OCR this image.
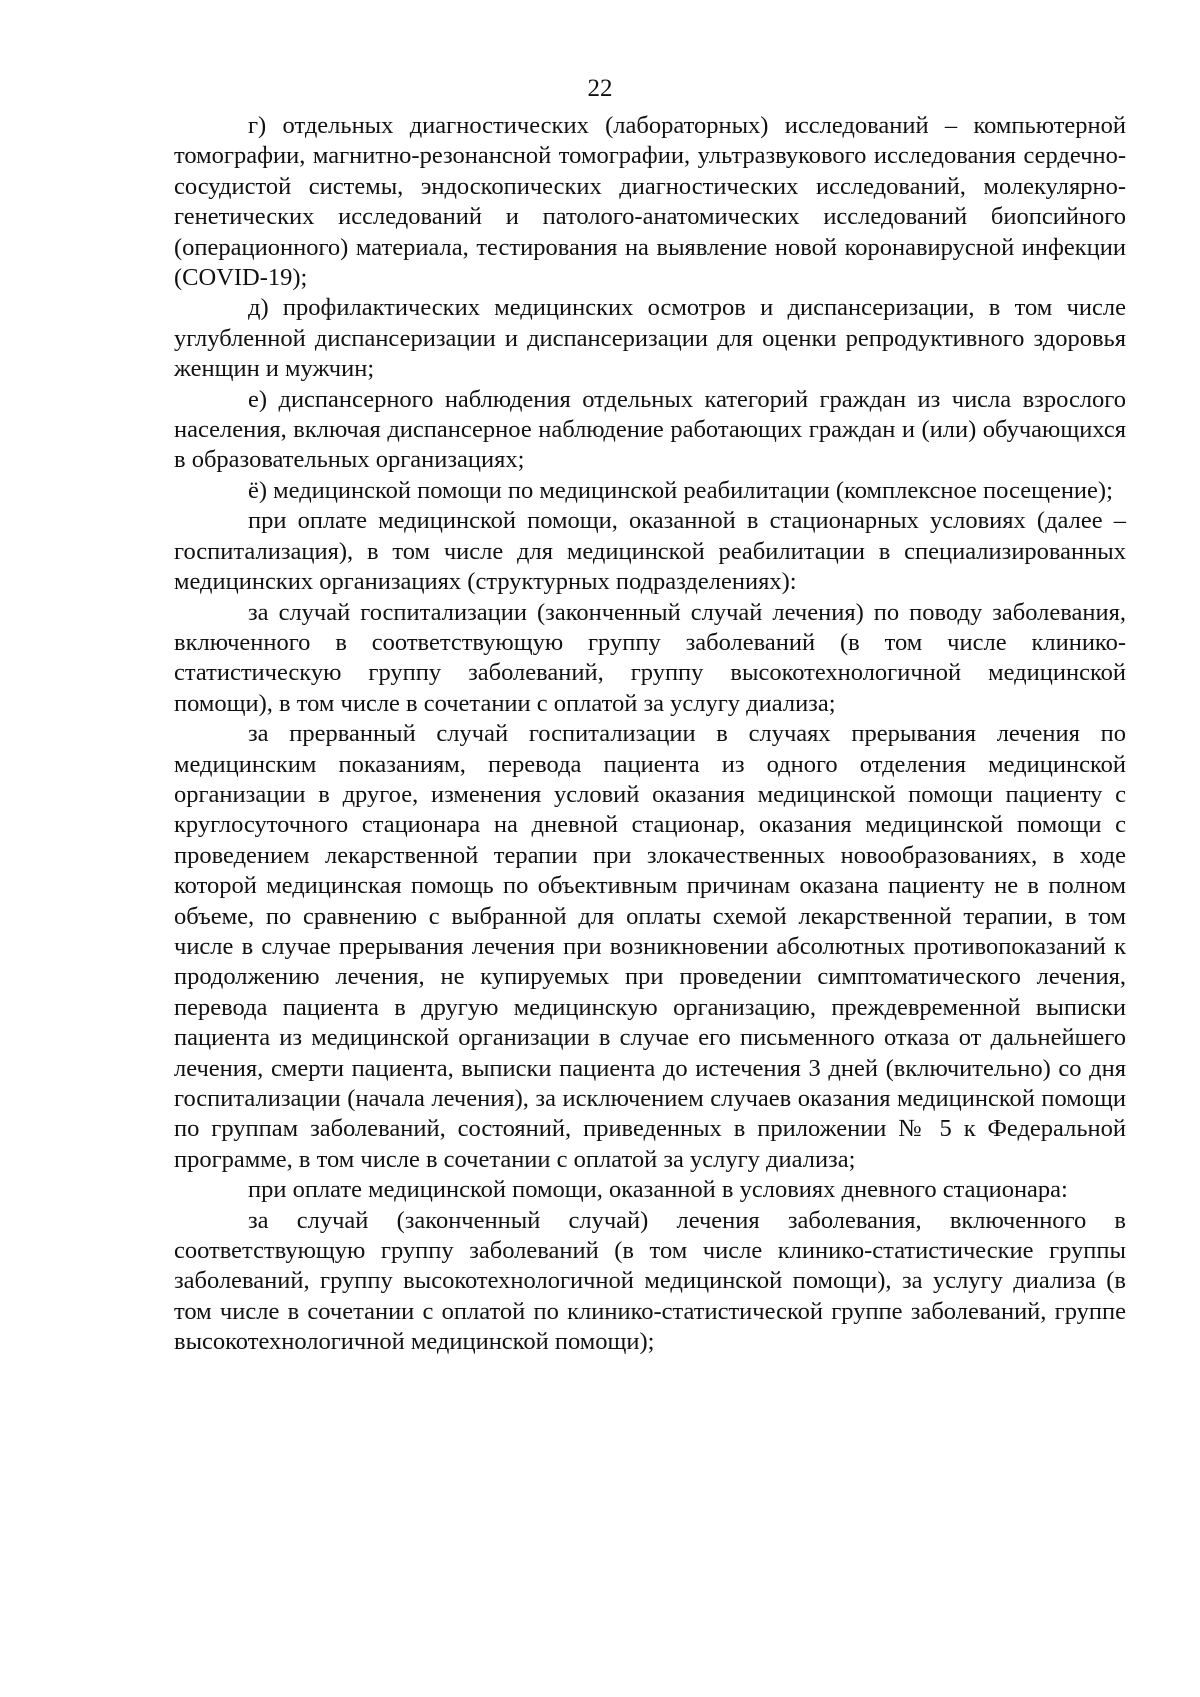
22

г) отдельных диагностических (лабораторных) исследований – компьютерной томографии, магнитно-резонансной томографии, ультразвукового исследования сердечно-сосудистой системы, эндоскопических диагностических исследований, молекулярно-генетических исследований и патолого-анатомических исследований биопсийного (операционного) материала, тестирования на выявление новой коронавирусной инфекции (COVID-19);

д) профилактических медицинских осмотров и диспансеризации, в том числе углубленной диспансеризации и диспансеризации для оценки репродуктивного здоровья женщин и мужчин;

е) диспансерного наблюдения отдельных категорий граждан из числа взрослого населения, включая диспансерное наблюдение работающих граждан и (или) обучающихся в образовательных организациях;

ё) медицинской помощи по медицинской реабилитации (комплексное посещение);

при оплате медицинской помощи, оказанной в стационарных условиях (далее – госпитализация), в том числе для медицинской реабилитации в специализированных медицинских организациях (структурных подразделениях):

за случай госпитализации (законченный случай лечения) по поводу заболевания, включенного в соответствующую группу заболеваний (в том числе клинико-статистическую группу заболеваний, группу высокотехнологичной медицинской помощи), в том числе в сочетании с оплатой за услугу диализа;

за прерванный случай госпитализации в случаях прерывания лечения по медицинским показаниям, перевода пациента из одного отделения медицинской организации в другое, изменения условий оказания медицинской помощи пациенту с круглосуточного стационара на дневной стационар, оказания медицинской помощи с проведением лекарственной терапии при злокачественных новообразованиях, в ходе которой медицинская помощь по объективным причинам оказана пациенту не в полном объеме, по сравнению с выбранной для оплаты схемой лекарственной терапии, в том числе в случае прерывания лечения при возникновении абсолютных противопоказаний к продолжению лечения, не купируемых при проведении симптоматического лечения, перевода пациента в другую медицинскую организацию, преждевременной выписки пациента из медицинской организации в случае его письменного отказа от дальнейшего лечения, смерти пациента, выписки пациента до истечения 3 дней (включительно) со дня госпитализации (начала лечения), за исключением случаев оказания медицинской помощи по группам заболеваний, состояний, приведенных в приложении № 5 к Федеральной программе, в том числе в сочетании с оплатой за услугу диализа;

при оплате медицинской помощи, оказанной в условиях дневного стационара:

за случай (законченный случай) лечения заболевания, включенного в соответствующую группу заболеваний (в том числе клинико-статистические группы заболеваний, группу высокотехнологичной медицинской помощи), за услугу диализа (в том числе в сочетании с оплатой по клинико-статистической группе заболеваний, группе высокотехнологичной медицинской помощи);
